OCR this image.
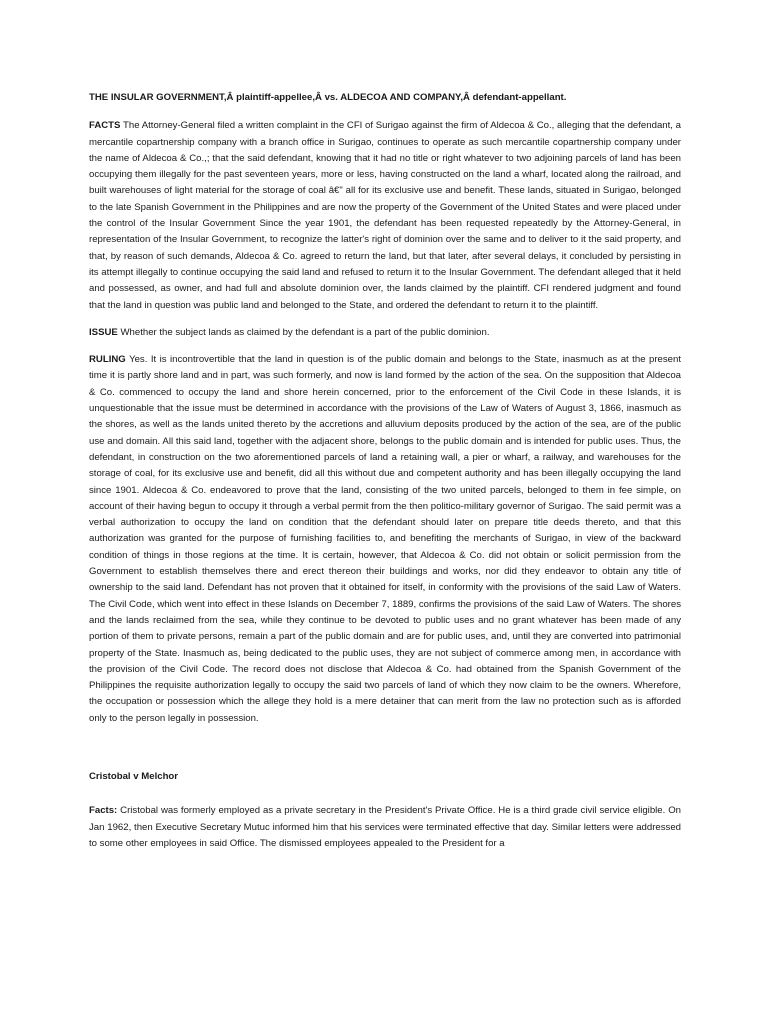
THE INSULAR GOVERNMENT,Â plaintiff-appellee,Â vs. ALDECOA AND COMPANY,Â defendant-appellant.

FACTS The Attorney-General filed a written complaint in the CFI of Surigao against the firm of Aldecoa & Co., alleging that the defendant, a mercantile copartnership company with a branch office in Surigao, continues to operate as such mercantile copartnership company under the name of Aldecoa & Co.,; that the said defendant, knowing that it had no title or right whatever to two adjoining parcels of land has been occupying them illegally for the past seventeen years, more or less, having constructed on the land a wharf, located along the railroad, and built warehouses of light material for the storage of coal â€" all for its exclusive use and benefit. These lands, situated in Surigao, belonged to the late Spanish Government in the Philippines and are now the property of the Government of the United States and were placed under the control of the Insular Government Since the year 1901, the defendant has been requested repeatedly by the Attorney-General, in representation of the Insular Government, to recognize the latter's right of dominion over the same and to deliver to it the said property, and that, by reason of such demands, Aldecoa & Co. agreed to return the land, but that later, after several delays, it concluded by persisting in its attempt illegally to continue occupying the said land and refused to return it to the Insular Government. The defendant alleged that it held and possessed, as owner, and had full and absolute dominion over, the lands claimed by the plaintiff. CFI rendered judgment and found that the land in question was public land and belonged to the State, and ordered the defendant to return it to the plaintiff.

ISSUE Whether the subject lands as claimed by the defendant is a part of the public dominion.

RULING Yes. It is incontrovertible that the land in question is of the public domain and belongs to the State, inasmuch as at the present time it is partly shore land and in part, was such formerly, and now is land formed by the action of the sea. On the supposition that Aldecoa & Co. commenced to occupy the land and shore herein concerned, prior to the enforcement of the Civil Code in these Islands, it is unquestionable that the issue must be determined in accordance with the provisions of the Law of Waters of August 3, 1866, inasmuch as the shores, as well as the lands united thereto by the accretions and alluvium deposits produced by the action of the sea, are of the public use and domain. All this said land, together with the adjacent shore, belongs to the public domain and is intended for public uses. Thus, the defendant, in construction on the two aforementioned parcels of land a retaining wall, a pier or wharf, a railway, and warehouses for the storage of coal, for its exclusive use and benefit, did all this without due and competent authority and has been illegally occupying the land since 1901. Aldecoa & Co. endeavored to prove that the land, consisting of the two united parcels, belonged to them in fee simple, on account of their having begun to occupy it through a verbal permit from the then politico-military governor of Surigao. The said permit was a verbal authorization to occupy the land on condition that the defendant should later on prepare title deeds thereto, and that this authorization was granted for the purpose of furnishing facilities to, and benefiting the merchants of Surigao, in view of the backward condition of things in those regions at the time. It is certain, however, that Aldecoa & Co. did not obtain or solicit permission from the Government to establish themselves there and erect thereon their buildings and works, nor did they endeavor to obtain any title of ownership to the said land. Defendant has not proven that it obtained for itself, in conformity with the provisions of the said Law of Waters. The Civil Code, which went into effect in these Islands on December 7, 1889, confirms the provisions of the said Law of Waters. The shores and the lands reclaimed from the sea, while they continue to be devoted to public uses and no grant whatever has been made of any portion of them to private persons, remain a part of the public domain and are for public uses, and, until they are converted into patrimonial property of the State. Inasmuch as, being dedicated to the public uses, they are not subject of commerce among men, in accordance with the provision of the Civil Code. The record does not disclose that Aldecoa & Co. had obtained from the Spanish Government of the Philippines the requisite authorization legally to occupy the said two parcels of land of which they now claim to be the owners. Wherefore, the occupation or possession which the allege they hold is a mere detainer that can merit from the law no protection such as is afforded only to the person legally in possession.

Cristobal v Melchor

Facts: Cristobal was formerly employed as a private secretary in the President's Private Office. He is a third grade civil service eligible. On Jan 1962, then Executive Secretary Mutuc informed him that his services were terminated effective that day. Similar letters were addressed to some other employees in said Office. The dismissed employees appealed to the President for a
